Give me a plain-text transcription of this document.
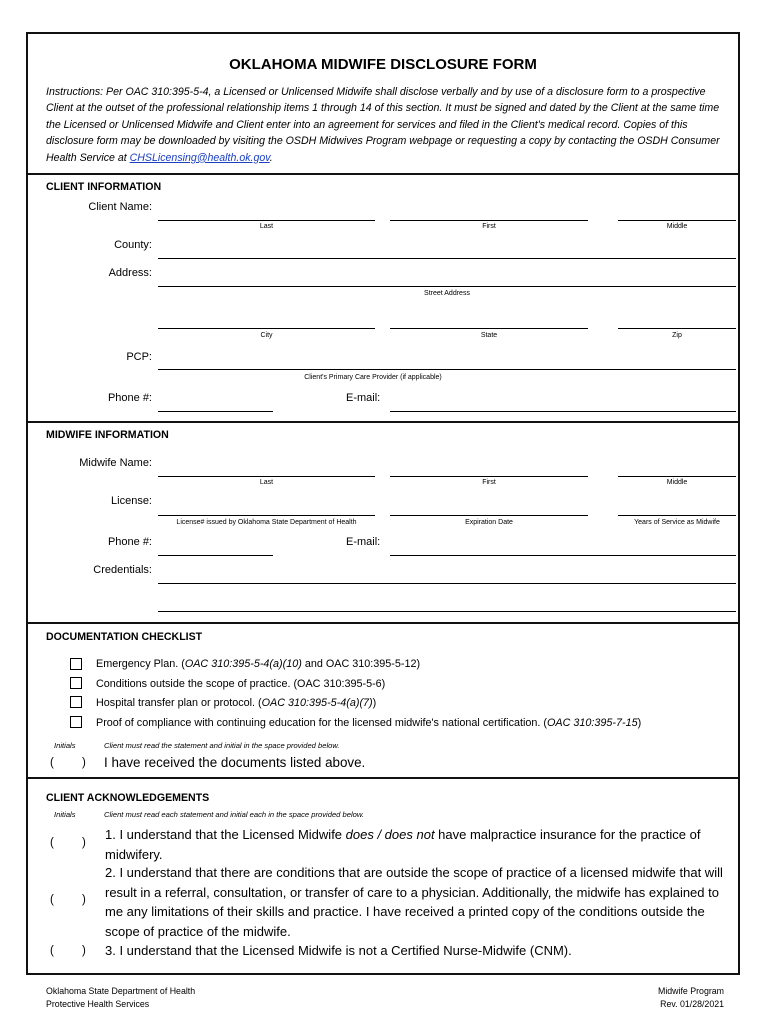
OKLAHOMA MIDWIFE DISCLOSURE FORM
Instructions: Per OAC 310:395-5-4, a Licensed or Unlicensed Midwife shall disclose verbally and by use of a disclosure form to a prospective Client at the outset of the professional relationship items 1 through 14 of this section. It must be signed and dated by the Client at the same time the Licensed or Unlicensed Midwife and Client enter into an agreement for services and filed in the Client's medical record. Copies of this disclosure form may be downloaded by visiting the OSDH Midwives Program webpage or requesting a copy by contacting the OSDH Consumer Health Service at CHSLicensing@health.ok.gov.
CLIENT INFORMATION
Client Name:
Last	First	Middle
County:
Address:
Street Address
City	State	Zip
PCP:
Client's Primary Care Provider (if applicable)
Phone #:	E-mail:
MIDWIFE INFORMATION
Midwife Name:
Last	First	Middle
License:
License# issued by Oklahoma State Department of Health	Expiration Date	Years of Service as Midwife
Phone #:	E-mail:
Credentials:
DOCUMENTATION CHECKLIST
Emergency Plan. (OAC 310:395-5-4(a)(10) and OAC 310:395-5-12)
Conditions outside the scope of practice. (OAC 310:395-5-6)
Hospital transfer plan or protocol. (OAC 310:395-5-4(a)(7))
Proof of compliance with continuing education for the licensed midwife's national certification. (OAC 310:395-7-15)
Initials	Client must read the statement and initial in the space provided below.
( ) I have received the documents listed above.
CLIENT ACKNOWLEDGEMENTS
Initials	Client must read each statement and initial each in the space provided below.
( )
1. I understand that the Licensed Midwife does / does not have malpractice insurance for the practice of midwifery.
( )
2. I understand that there are conditions that are outside the scope of practice of a licensed midwife that will result in a referral, consultation, or transfer of care to a physician. Additionally, the midwife has explained to me any limitations of their skills and practice. I have received a printed copy of the conditions outside the scope of practice of the midwife.
( ) 3. I understand that the Licensed Midwife is not a Certified Nurse-Midwife (CNM).
Oklahoma State Department of Health
Protective Health Services
Midwife Program
Rev. 01/28/2021
